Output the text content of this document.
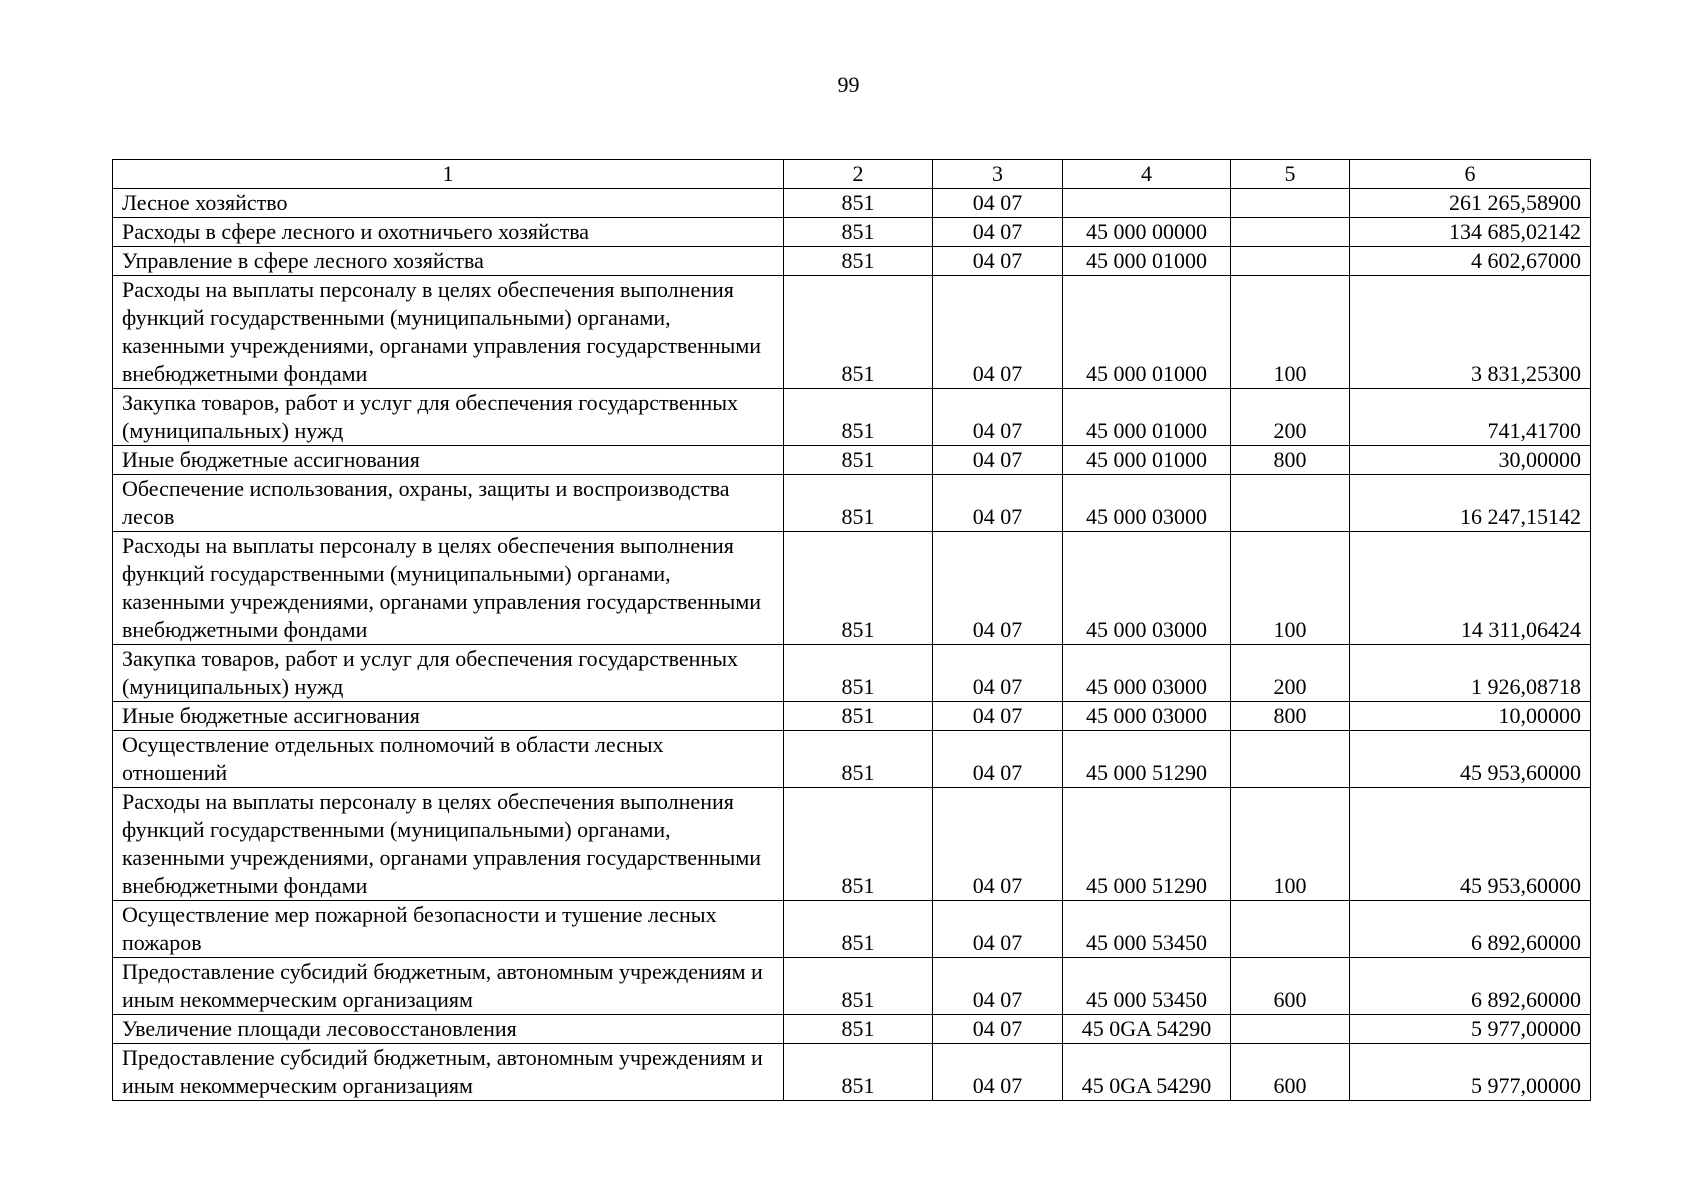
99
1	2	3	4	5	6
Лесное хозяйство	851	04 07			261 265,58900
Расходы в сфере лесного и охотничьего хозяйства	851	04 07	45 000 00000		134 685,02142
Управление в сфере лесного хозяйства	851	04 07	45 000 01000		4 602,67000
Расходы на выплаты персоналу в целях обеспечения выполнения функций государственными (муниципальными) органами, казенными учреждениями, органами управления государственными внебюджетными фондами	851	04 07	45 000 01000	100	3 831,25300
Закупка товаров, работ и услуг для обеспечения государственных (муниципальных) нужд	851	04 07	45 000 01000	200	741,41700
Иные бюджетные ассигнования	851	04 07	45 000 01000	800	30,00000
Обеспечение использования, охраны, защиты и воспроизводства лесов	851	04 07	45 000 03000		16 247,15142
Расходы на выплаты персоналу в целях обеспечения выполнения функций государственными (муниципальными) органами, казенными учреждениями, органами управления государственными внебюджетными фондами	851	04 07	45 000 03000	100	14 311,06424
Закупка товаров, работ и услуг для обеспечения государственных (муниципальных) нужд	851	04 07	45 000 03000	200	1 926,08718
Иные бюджетные ассигнования	851	04 07	45 000 03000	800	10,00000
Осуществление отдельных полномочий в области лесных отношений	851	04 07	45 000 51290		45 953,60000
Расходы на выплаты персоналу в целях обеспечения выполнения функций государственными (муниципальными) органами, казенными учреждениями, органами управления государственными внебюджетными фондами	851	04 07	45 000 51290	100	45 953,60000
Осуществление мер пожарной безопасности и тушение лесных пожаров	851	04 07	45 000 53450		6 892,60000
Предоставление субсидий бюджетным, автономным учреждениям и иным некоммерческим организациям	851	04 07	45 000 53450	600	6 892,60000
Увеличение площади лесовосстановления	851	04 07	45 0GA 54290		5 977,00000
Предоставление субсидий бюджетным, автономным учреждениям и иным некоммерческим организациям	851	04 07	45 0GA 54290	600	5 977,00000
